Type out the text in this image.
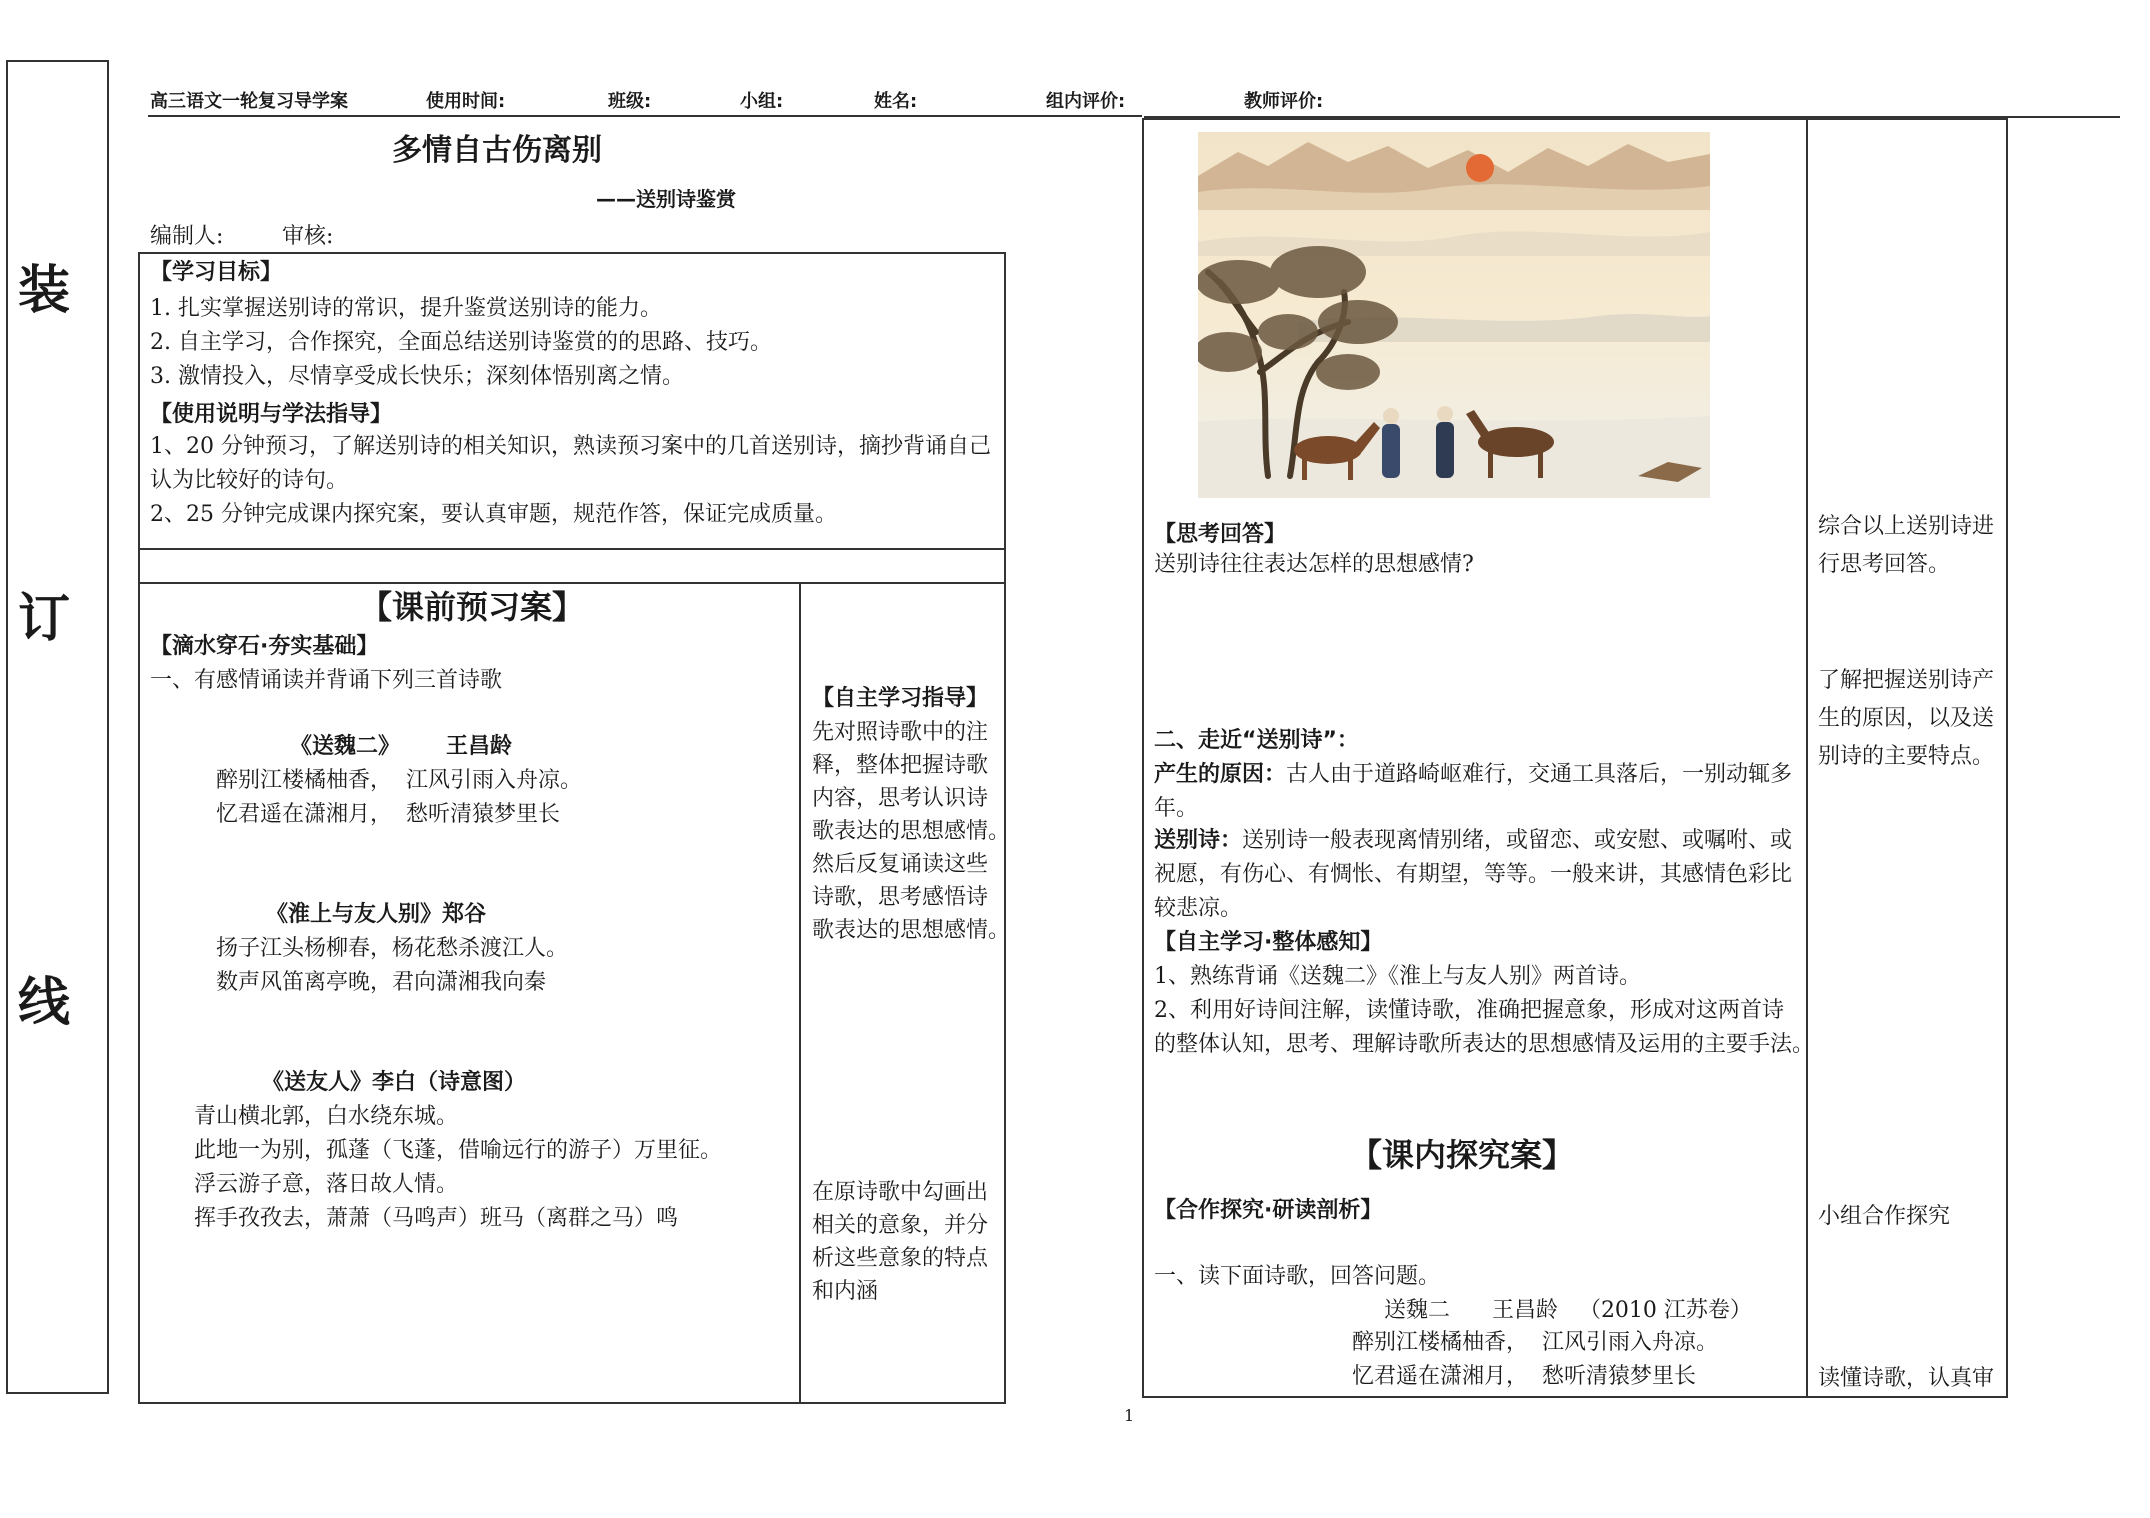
装
订
线
高三语文一轮复习导学案	使用时间:	班级:	小组:	姓名:	组内评价:	教师评价:
多情自古伤离别
——送别诗鉴赏
编制人:	审核:
【学习目标】
1. 扎实掌握送别诗的常识，提升鉴赏送别诗的能力。
2. 自主学习，合作探究，全面总结送别诗鉴赏的的思路、技巧。
3. 激情投入，尽情享受成长快乐；深刻体悟别离之情。
【使用说明与学法指导】
1、20 分钟预习，了解送别诗的相关知识，熟读预习案中的几首送别诗，摘抄背诵自己
认为比较好的诗句。
2、25 分钟完成课内探究案，要认真审题，规范作答，保证完成质量。
【课前预习案】
【滴水穿石·夯实基础】
一、有感情诵读并背诵下列三首诗歌
《送魏二》      王昌龄
醉别江楼橘柚香，  江风引雨入舟凉。
忆君遥在潇湘月，  愁听清猿梦里长
《淮上与友人别》郑谷
扬子江头杨柳春，杨花愁杀渡江人。
数声风笛离亭晚，君向潇湘我向秦
《送友人》李白（诗意图）
青山横北郭，白水绕东城。
此地一为别，孤蓬（飞蓬，借喻远行的游子）万里征。
浮云游子意，落日故人情。
挥手孜孜去，萧萧（马鸣声）班马（离群之马）鸣
【自主学习指导】
先对照诗歌中的注
释，整体把握诗歌
内容，思考认识诗
歌表达的思想感情。
然后反复诵读这些
诗歌，思考感悟诗
歌表达的思想感情。
在原诗歌中勾画出
相关的意象，并分
析这些意象的特点
和内涵
【思考回答】
送别诗往往表达怎样的思想感情?
二、走近“送别诗”：
产生的原因：古人由于道路崎岖难行，交通工具落后，一别动辄多
年。
送别诗：送别诗一般表现离情别绪，或留恋、或安慰、或嘱咐、或
祝愿，有伤心、有惆怅、有期望，等等。一般来讲，其感情色彩比
较悲凉。
【自主学习·整体感知】
1、熟练背诵《送魏二》《淮上与友人别》两首诗。
2、利用好诗间注解，读懂诗歌，准确把握意象，形成对这两首诗
的整体认知，思考、理解诗歌所表达的思想感情及运用的主要手法。
【课内探究案】
【合作探究·研读剖析】
一、读下面诗歌，回答问题。
送魏二      王昌龄   （2010 江苏卷）
醉别江楼橘柚香，  江风引雨入舟凉。
忆君遥在潇湘月，  愁听清猿梦里长
综合以上送别诗进
行思考回答。
了解把握送别诗产
生的原因，以及送
别诗的主要特点。
小组合作探究
读懂诗歌，认真审
1
